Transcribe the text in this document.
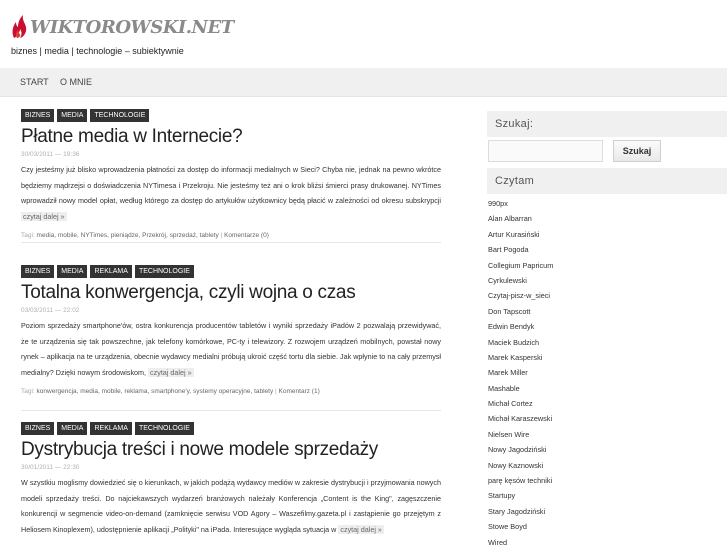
WIKTOROWSKI.NET
biznes | media | technologie – subiektywnie
START O MNIE
BIZNES	MEDIA	TECHNOLOGIE
Płatne media w Internecie?
30/03/2011 — 19:36
Czy jesteśmy już blisko wprowadzenia płatności za dostęp do informacji medialnych w Sieci? Chyba nie, jednak na pewno wkrótce będziemy mądrzejsi o doświadczenia NYTimesa i Przekroju. Nie jesteśmy też ani o krok bliżsi śmierci prasy drukowanej. NYTimes wprowadził nowy model opłat, według którego za dostęp do artykułów użytkownicy będą płacić w zależności od okresu subskrypcji czytaj dalej »
Tagi: media, mobile, NYTimes, pieniądze, Przekrój, sprzedaż, tablety | Komentarze (0)
BIZNES	MEDIA	REKLAMA	TECHNOLOGIE
Totalna konwergencja, czyli wojna o czas
03/03/2011 — 22:02
Poziom sprzedaży smartphone'ów, ostra konkurencja producentów tabletów i wyniki sprzedaży iPadów 2 pozwalają przewidywać, że te urządzenia się tak powszechne, jak telefony komórkowe, PC-ty i telewizory. Z rozwojem urządzeń mobilnych, powstał nowy rynek – aplikacja na te urządzenia, obecnie wydawcy medialni próbują ukroić część tortu dla siebie. Jak wpłynie to na cały przemysł medialny? Dzięki nowym środowiskom, czytaj dalej »
Tagi: konwergencja, media, mobile, reklama, smartphone'y, systemy operacyjne, tablety | Komentarz (1)
BIZNES	MEDIA	REKLAMA	TECHNOLOGIE
Dystrybucja treści i nowe modele sprzedaży
30/01/2011 — 22:30
W szystkiu moglismy dowiedzieć się o kierunkach, w jakich podążą wydawcy mediów w zakresie dystrybucji i przyjmowania nowych modeli sprzedaży treści. Do najciekawszych wydarzeń branżowych należały Konferencja „Content is the King", zagęszczenie konkurencji w segmencie video-on-demand (zamknięcie serwisu VOD Agory – Waszefilmy.gazeta.pl i zastąpienie go przejętym z Heliosem Kinoplexem), udostępnienie aplikacji „Polityki" na iPada. Interesujące wygląda sytuacja w czytaj dalej »
Szukaj:
Szukaj
Czytam
990px
Alan Albarran
Artur Kurasiński
Bart Pogoda
Collegium Papricum
Cyrkulewski
Czytaj-pisz-w_sieci
Don Tapscott
Edwin Bendyk
Maciek Budzich
Marek Kasperski
Marek Miller
Mashable
Michał Cortez
Michał Karaszewski
Nielsen Wire
Nowy Jagodziński
Nowy Kaznowski
parę kęsów techniki
Startupy
Stary Jagodziński
Stowe Boyd
Wired
